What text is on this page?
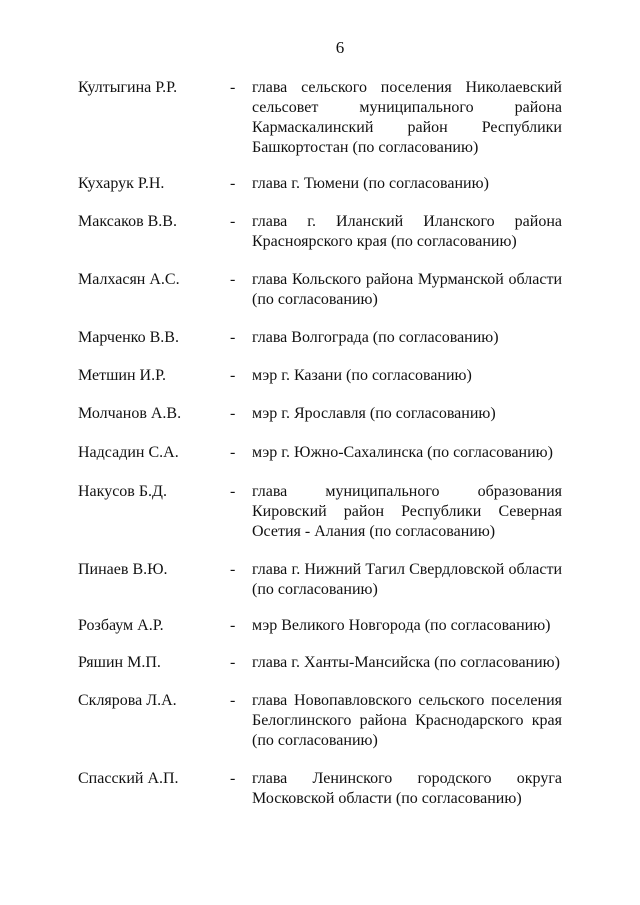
6
Култыгина Р.Р.	- глава сельского поселения Николаевский сельсовет муниципального района Кармаскалинский район Республики Башкортостан (по согласованию)
Кухарук Р.Н.	- глава г. Тюмени (по согласованию)
Максаков В.В.	- глава г. Иланский Иланского района Красноярского края (по согласованию)
Малхасян А.С.	- глава Кольского района Мурманской области (по согласованию)
Марченко В.В.	- глава Волгограда (по согласованию)
Метшин И.Р.	- мэр г. Казани (по согласованию)
Молчанов А.В.	- мэр г. Ярославля (по согласованию)
Надсадин С.А.	- мэр г. Южно-Сахалинска (по согласованию)
Накусов Б.Д.	- глава муниципального образования Кировский район Республики Северная Осетия - Алания (по согласованию)
Пинаев В.Ю.	- глава г. Нижний Тагил Свердловской области (по согласованию)
Розбаум А.Р.	- мэр Великого Новгорода (по согласованию)
Ряшин М.П.	- глава г. Ханты-Мансийска (по согласованию)
Склярова Л.А.	- глава Новопавловского сельского поселения Белоглинского района Краснодарского края (по согласованию)
Спасский А.П.	- глава Ленинского городского округа Московской области (по согласованию)
